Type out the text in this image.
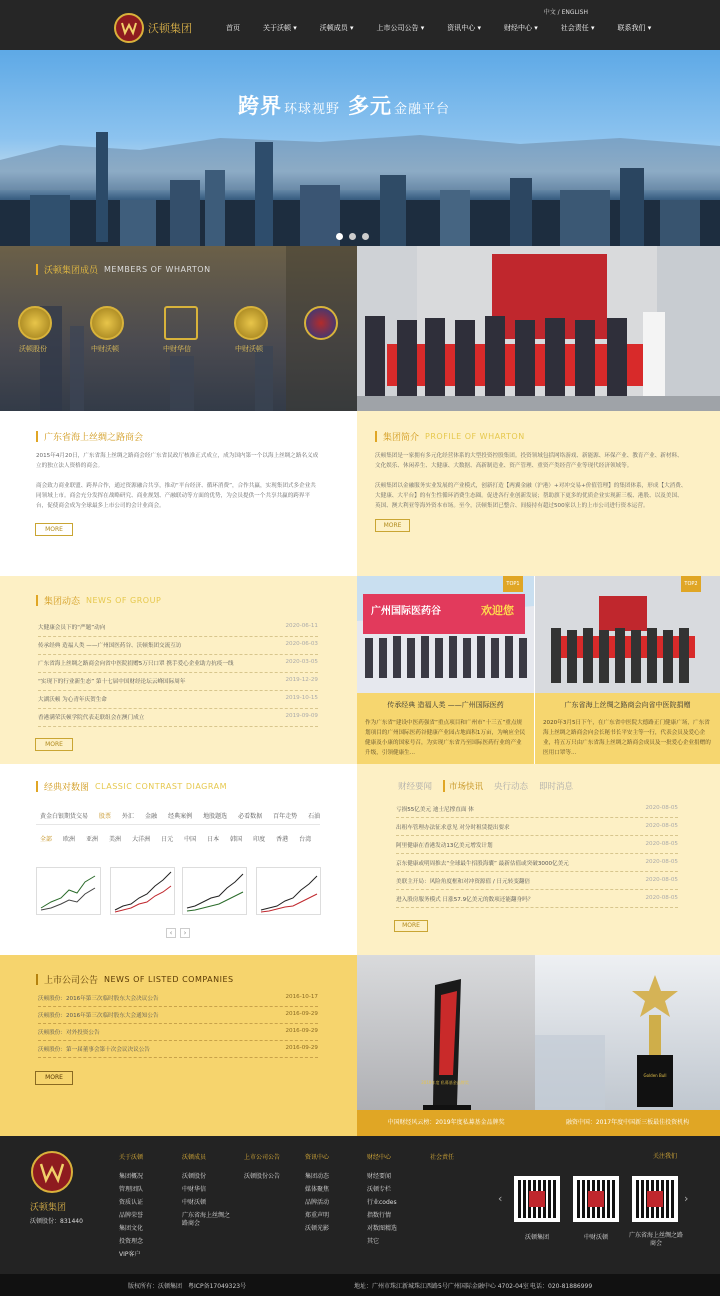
沃顿集团
中文 / ENGLISH
首页	关于沃顿 ▾	沃顿成员 ▾	上市公司公告 ▾	资讯中心 ▾	财经中心 ▾	社会责任 ▾	联系我们 ▾
跨界 环球视野 多元 金融平台
沃顿集团成员 MEMBERS OF WHARTON
沃顿股份	中财沃顿	中财华信	中财沃顿
广东省海上丝绸之路商会

2015年4月20日，广东省海上丝绸之路商会经广东省民政厅核准正式成立，成为国内第一个以海上丝绸之路名义成立的独立法人资格的商会。

商会致力商业联盟、跨界合作，通过资源融合共享，推动“平台经济、循环消费”，合作共赢，实现集团式多企业共同领域上市。商会充分发挥在战略研究、商业规划、产融联动等方面的优势，为会员提供一个共享共赢的跨界平台，促使商会成为全球最多上市公司的会计业商会。

MORE
集团简介 PROFILE OF WHARTON

沃顿集团是一家拥有多元化经营体系的大型投资控股集团。投资领域包括网络游戏、新能源、环保产业、教育产业、新材料、文化娱乐、休闲养生、大健康、大数据、高新制造业、资产管理、重资产类经营产业等现代经济领域等。

沃顿集团以金融服务实业发展的产业模式，创新打造【两翼金融（沪港）+对冲交易+价值管理】的集团体系，形成【大消费、大健康、大平台】的有生性循环消费生态圈。促进各行业创新发展；帮助旗下更多的优质企业实现新三板、港股、以及美国、英国、澳大利亚等海外资本市场。至今，沃顿集团已整合、间接持有超过500家以上的上市公司进行资本运营。

MORE
集团动态 NEWS OF GROUP
大健康会员下的“严题”动向	2020-06-11
传承经典 造福人类 ——广州国医药谷、沃顿集团交流互访	2020-06-03
广东省海上丝绸之路商会向省中医院捐赠5万只口罩 携手爱心企业助力抗疫一线	2020-03-05
“实现下的行业新生态” 第十七届中国财经论坛云峰国际周年	2019-12-29
大湖沃顿 为心青年庆贺生命	2019-10-15
香港满荣沃顿学院代表走联组会在澳门成立	2019-09-09
MORE
广州国际医药谷	欢迎您
TOP1
传承经典 造福人类 ——广州国际医药
作为广东省“建设中医药强省”重点项目和广州市“十三五”重点规划项目的广州国际医药谷健康产业园占地面积1万亩，为响应全民健康及小康的国家号召，为实现广东省乃至国际医药行业的产业升级，引领健康生...
TOP2
广东省海上丝绸之路商会向省中医院捐赠
2020年3月5日下午，在广东省中医院大德路正门健康广场，广东省海上丝绸之路商会向会长秘书长平安主等一行，代表会员及爱心企业，将五万只由广东省海上丝绸之路商会成员及一批爱心企业捐赠的医用口罩等...
经典对数图 CLASSIC CONTRAST DIAGRAM
黄金白银期货交易 股票 外汇 金融 经典案例 地股题选 必看数据 百年走势 石油
全部 欧洲 亚洲 美洲 大洋洲 日元 中国 日本 韩国 印度 香港 台湾
‹	›
财经要闻	市场快讯 央行动态 即时消息
亏损55亿美元 迪士尼撑直面 体	2020-08-05
出租车管理办法征求意见 对分时租赁提出要求	2020-08-05
阿里健康在香港发动13亿美元增发计划	2020-08-05
京东健康或明周推去“全球最牛招股海囊” 最新估值或突破3000亿美元	2020-08-05
美联主开局：风险角度框和对冲资源值 / 日元转变翻倍	2020-08-05
进入股房服务模式 日涨57.9亿美元的数项还能翻身吗？	2020-08-05
MORE
上市公司公告 NEWS OF LISTED COMPANIES
沃顿股份：2016年第三次临时股东大会决议公告	2016-10-17
沃顿股份：2016年第三次临时股东大会通知公告	2016-09-29
沃顿股份：对外投资公告	2016-09-29
沃顿股份：第一届董事会第十次会议决议公告	2016-09-29
MORE
2019年度 私募基金品牌奖
中国财经风云榜：2019年度私募基金品牌奖
Golden Bull
融资中国：2017年度中国新三板最佳投资机构
沃顿集团
沃顿股份：831440
关于沃顿
集团概况
管理团队
资质认证
品牌荣誉
集团文化
投资理念
VIP客户
沃顿成员
沃顿股份
中财华信
中财沃顿
广东省海上丝绸之
路商会
上市公司公告
沃顿股份公告
资讯中心
集团动态
媒体聚焦
品牌活动
郑重声明
沃顿光影
财经中心
财经要闻
沃顿专栏
行业codes
指数行情
对数图精选
其它
社会责任	关注我们
‹	›
沃顿集团	中财沃顿	广东省海上丝绸之路商会
版权所有：沃顿集团　粤ICP备17049323号	地址：广州市珠江新城珠江西路5号广州国际金融中心 4702-04室 电话：020-81886999
